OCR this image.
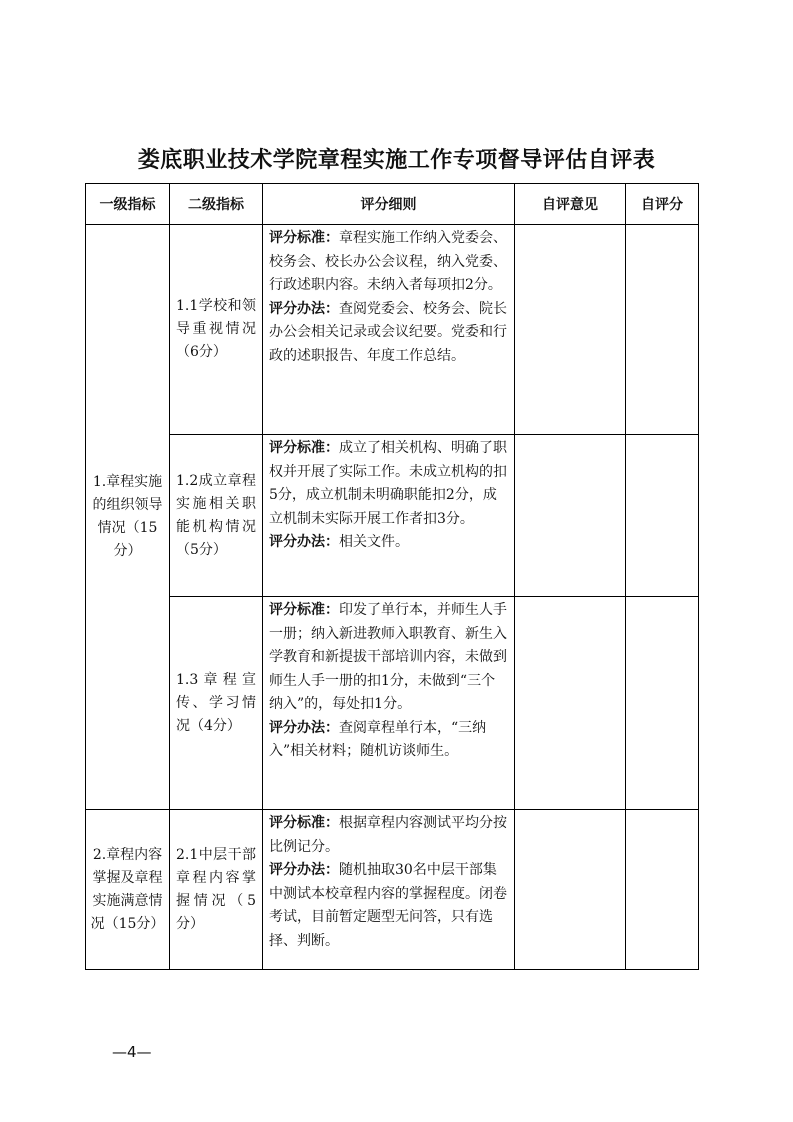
娄底职业技术学院章程实施工作专项督导评估自评表
一级指标	二级指标	评分细则	自评意见	自评分
1.章程实施的组织领导情况（15分）	1.1学校和领导重视情况（6分）	评分标准：章程实施工作纳入党委会、校务会、校长办公会议程，纳入党委、行政述职内容。未纳入者每项扣2分。
评分办法：查阅党委会、校务会、院长办公会相关记录或会议纪要。党委和行政的述职报告、年度工作总结。		
	1.2成立章程实施相关职能机构情况（5分）	评分标准：成立了相关机构、明确了职权并开展了实际工作。未成立机构的扣5分，成立机制未明确职能扣2分，成立机制未实际开展工作者扣3分。
评分办法：相关文件。		
	1.3章程宣传、学习情况（4分）	评分标准：印发了单行本，并师生人手一册；纳入新进教师入职教育、新生入学教育和新提拔干部培训内容，未做到师生人手一册的扣1分，未做到“三个纳入”的，每处扣1分。
评分办法：查阅章程单行本，“三纳入”相关材料；随机访谈师生。		
2.章程内容掌握及章程实施满意情况（15分）	2.1中层干部章程内容掌握情况（5分）	评分标准：根据章程内容测试平均分按比例记分。
评分办法：随机抽取30名中层干部集中测试本校章程内容的掌握程度。闭卷考试，目前暂定题型无问答，只有选择、判断。		
—4—
